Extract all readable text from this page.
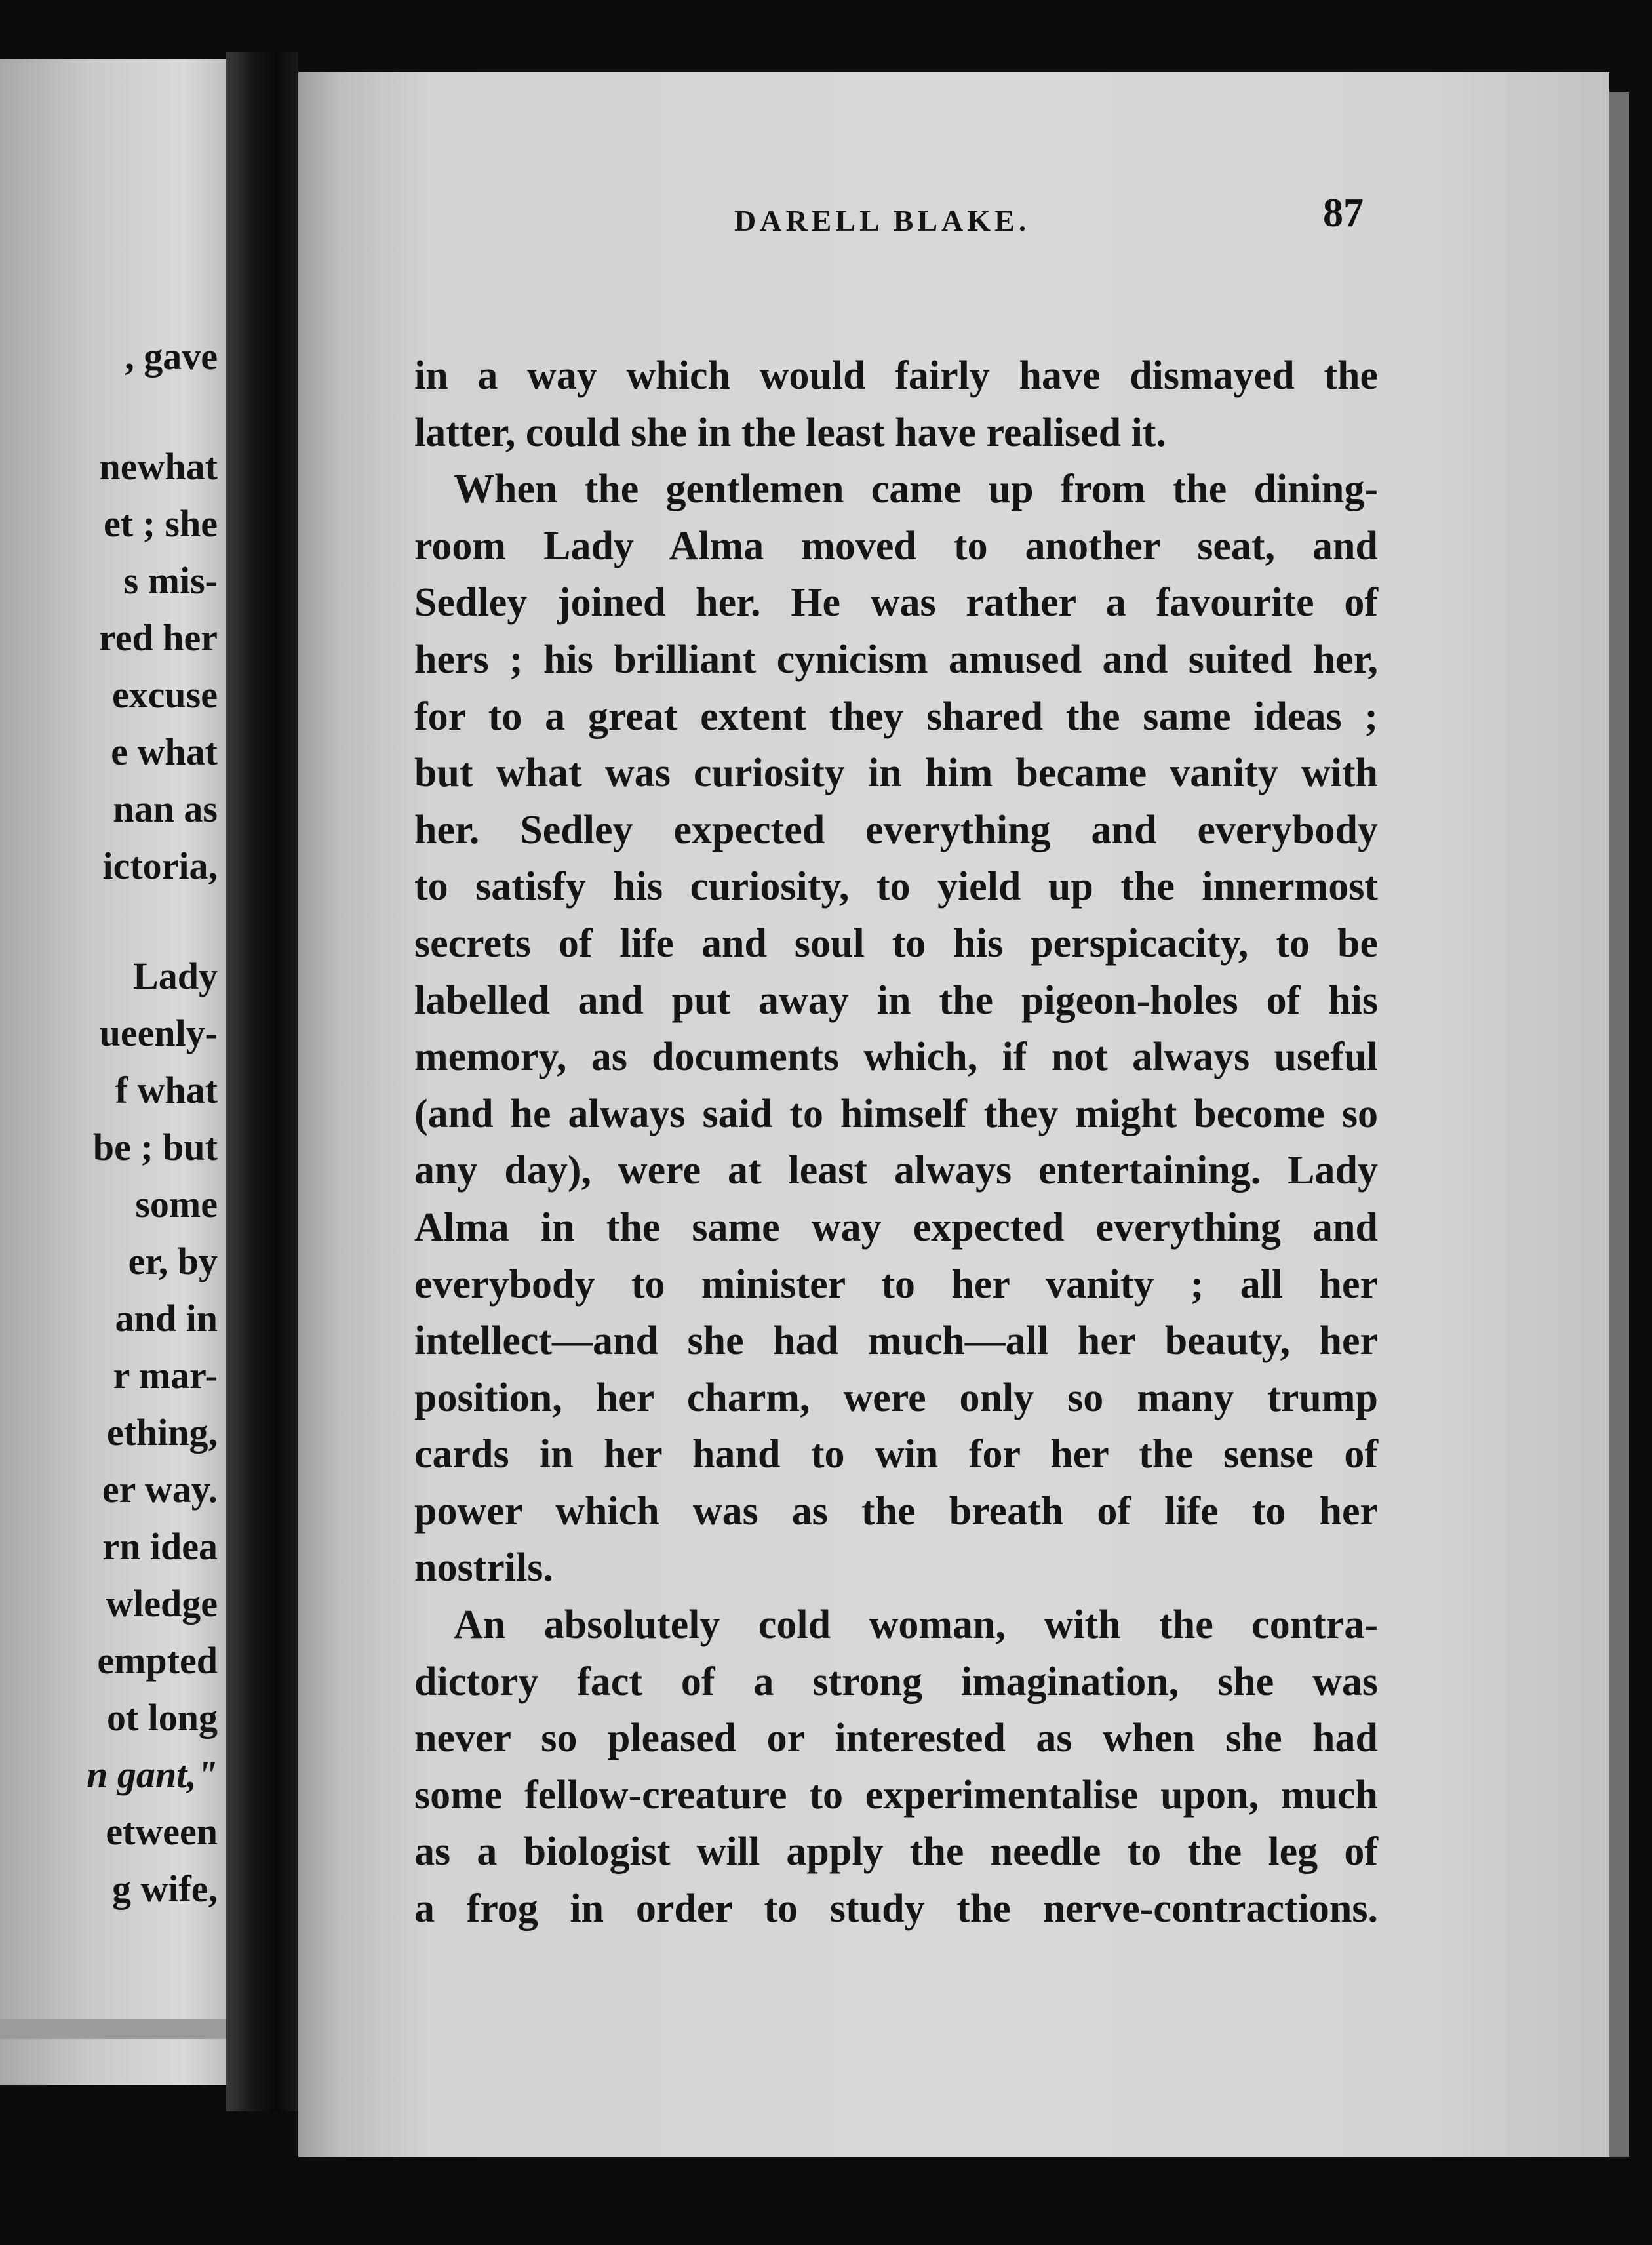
, gave
newhat
et ; she
s mis-
red her
excuse
e what
nan as
ictoria,
Lady
ueenly-
f what
be ; but
some
er, by
and in
r mar-
ething,
er way.
rn idea
wledge
empted
ot long
n gant,"
etween
g wife,
DARELL BLAKE.	87
in a way which would fairly have dismayed the
latter, could she in the least have realised it.
When the gentlemen came up from the dining-
room Lady Alma moved to another seat, and
Sedley joined her. He was rather a favourite of
hers ; his brilliant cynicism amused and suited her,
for to a great extent they shared the same ideas ;
but what was curiosity in him became vanity with
her. Sedley expected everything and everybody
to satisfy his curiosity, to yield up the innermost
secrets of life and soul to his perspicacity, to be
labelled and put away in the pigeon-holes of his
memory, as documents which, if not always useful
(and he always said to himself they might become so
any day), were at least always entertaining. Lady
Alma in the same way expected everything and
everybody to minister to her vanity ; all her
intellect—and she had much—all her beauty, her
position, her charm, were only so many trump
cards in her hand to win for her the sense of
power which was as the breath of life to her
nostrils.
An absolutely cold woman, with the contra-
dictory fact of a strong imagination, she was
never so pleased or interested as when she had
some fellow-creature to experimentalise upon, much
as a biologist will apply the needle to the leg of
a frog in order to study the nerve-contractions.
